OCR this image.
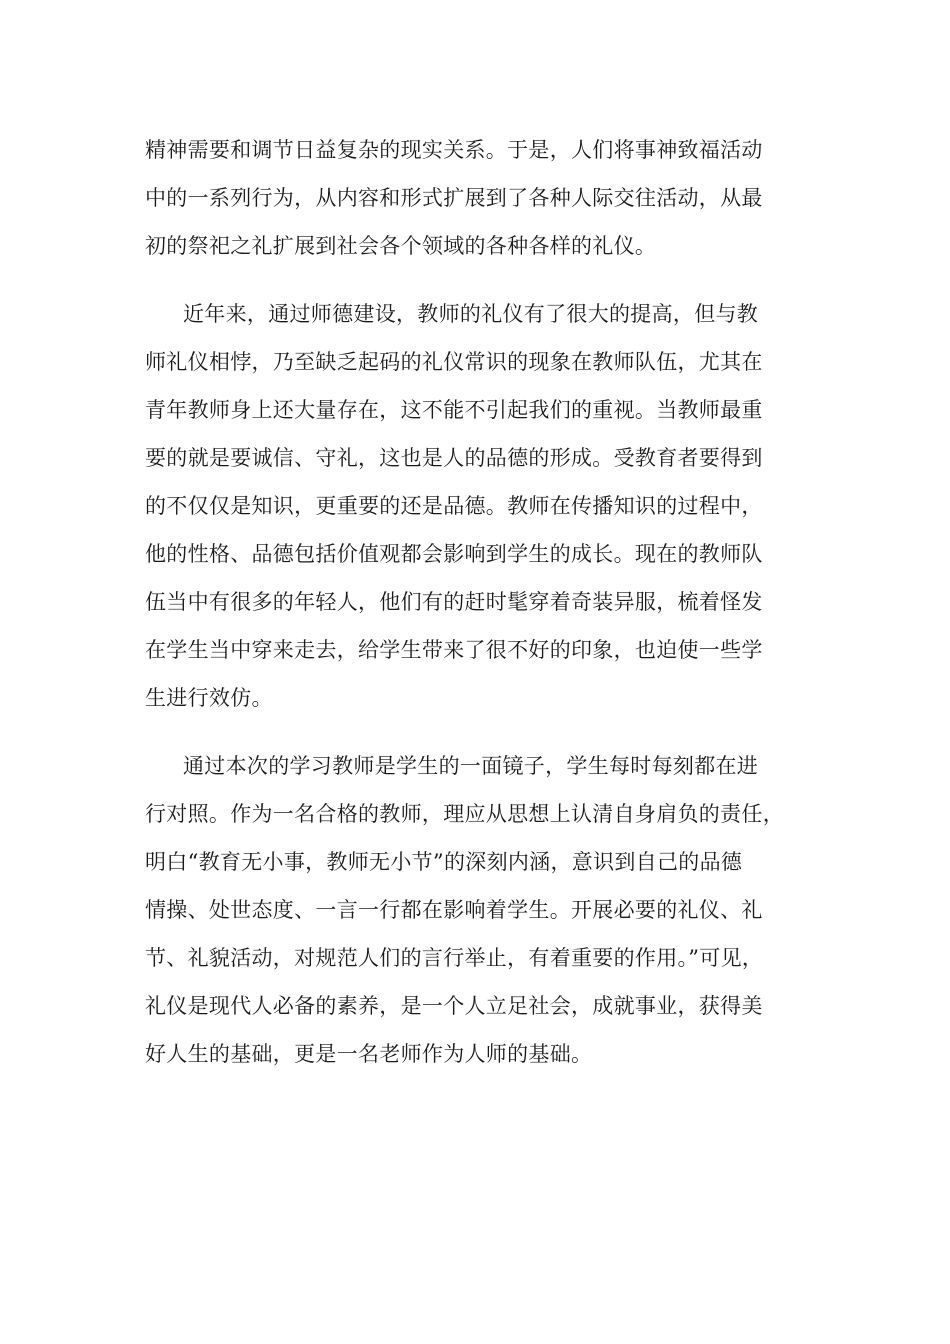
精神需要和调节日益复杂的现实关系。于是，人们将事神致福活动
中的一系列行为，从内容和形式扩展到了各种人际交往活动，从最
初的祭祀之礼扩展到社会各个领域的各种各样的礼仪。
近年来，通过师德建设，教师的礼仪有了很大的提高，但与教
师礼仪相悖，乃至缺乏起码的礼仪常识的现象在教师队伍，尤其在
青年教师身上还大量存在，这不能不引起我们的重视。当教师最重
要的就是要诚信、守礼，这也是人的品德的形成。受教育者要得到
的不仅仅是知识，更重要的还是品德。教师在传播知识的过程中，
他的性格、品德包括价值观都会影响到学生的成长。现在的教师队
伍当中有很多的年轻人，他们有的赶时髦穿着奇装异服，梳着怪发
在学生当中穿来走去，给学生带来了很不好的印象，也迫使一些学
生进行效仿。
通过本次的学习教师是学生的一面镜子，学生每时每刻都在进
行对照。作为一名合格的教师，理应从思想上认清自身肩负的责任，
明白“教育无小事，教师无小节”的深刻内涵，意识到自己的品德
情操、处世态度、一言一行都在影响着学生。开展必要的礼仪、礼
节、礼貌活动，对规范人们的言行举止，有着重要的作用。”可见，
礼仪是现代人必备的素养，是一个人立足社会，成就事业，获得美
好人生的基础，更是一名老师作为人师的基础。
